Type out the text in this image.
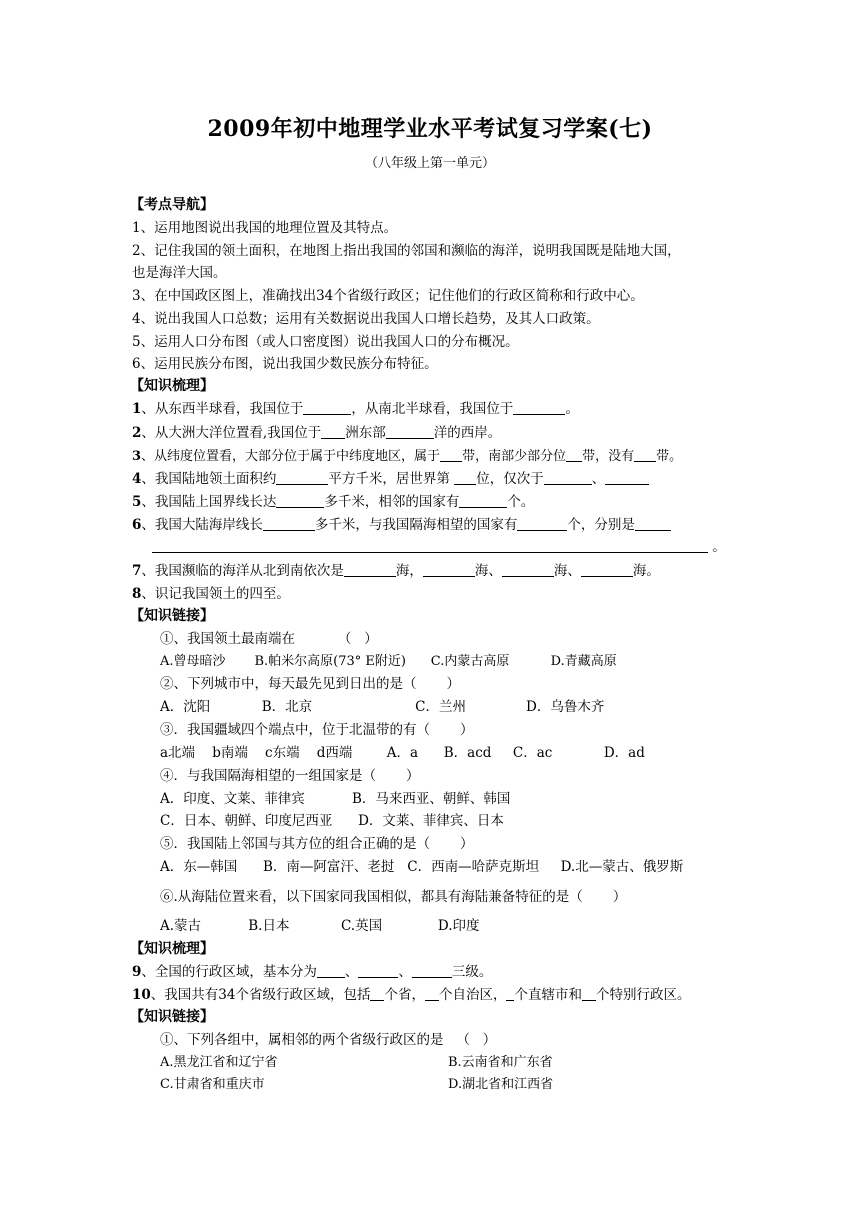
2009年初中地理学业水平考试复习学案(七)
（八年级上第一单元）
【考点导航】
1、运用地图说出我国的地理位置及其特点。
2、记住我国的领土面积，在地图上指出我国的邻国和濒临的海洋，说明我国既是陆地大国，
也是海洋大国。
3、在中国政区图上，准确找出34个省级行政区；记住他们的行政区简称和行政中心。
4、说出我国人口总数；运用有关数据说出我国人口增长趋势，及其人口政策。
5、运用人口分布图（或人口密度图）说出我国人口的分布概况。
6、运用民族分布图，说出我国少数民族分布特征。
【知识梳理】
1、从东西半球看，我国位于	，从南北半球看，我国位于	。
2、从大洲大洋位置看,我国位于 洲东部	洋的西岸。
3、从纬度位置看，大部分位于属于中纬度地区，属于 带，南部少部分位 带，没有 带。
4、我国陆地领土面积约	平方千米，居世界第 位，仅次于	、
5、我国陆上国界线长达	多千米，相邻的国家有	个。
6、我国大陆海岸线长	多千米，与我国隔海相望的国家有	个，分别是
。
7、我国濒临的海洋从北到南依次是	海，	海、	海、	海。
8、识记我国领土的四至。
【知识链接】
①、我国领土最南端在          （   ）
A.曾母暗沙       B.帕米尔高原(73° E附近)      C.内蒙古高原          D.青藏高原
②、下列城市中，每天最先见到日出的是（       ）
A．沈阳            B．北京                        C．兰州              D．乌鲁木齐
③．我国疆域四个端点中，位于北温带的有（       ）
a北端    b南端    c东端    d西端        A．a      B．acd     C．ac            D．ad
④．与我国隔海相望的一组国家是（       ）
A．印度、文莱、菲律宾           B．马来西亚、朝鲜、韩国
C．日本、朝鲜、印度尼西亚      D．文莱、菲律宾、日本
⑤．我国陆上邻国与其方位的组合正确的是（       ）
A．东—韩国      B．南—阿富汗、老挝   C．西南—哈萨克斯坦     D.北—蒙古、俄罗斯
⑥.从海陆位置来看，以下国家同我国相似，都具有海陆兼备特征的是（       ）
A.蒙古           B.日本            C.英国             D.印度
【知识梳理】
9、全国的行政区域，基本分为 、	、	三级。
10、我国共有34个省级行政区域，包括 个省， 个自治区， 个直辖市和 个特别行政区。
【知识链接】
①、下列各组中，属相邻的两个省级行政区的是   （   ）
A.黑龙江省和辽宁省	B.云南省和广东省
C.甘肃省和重庆市	D.湖北省和江西省
